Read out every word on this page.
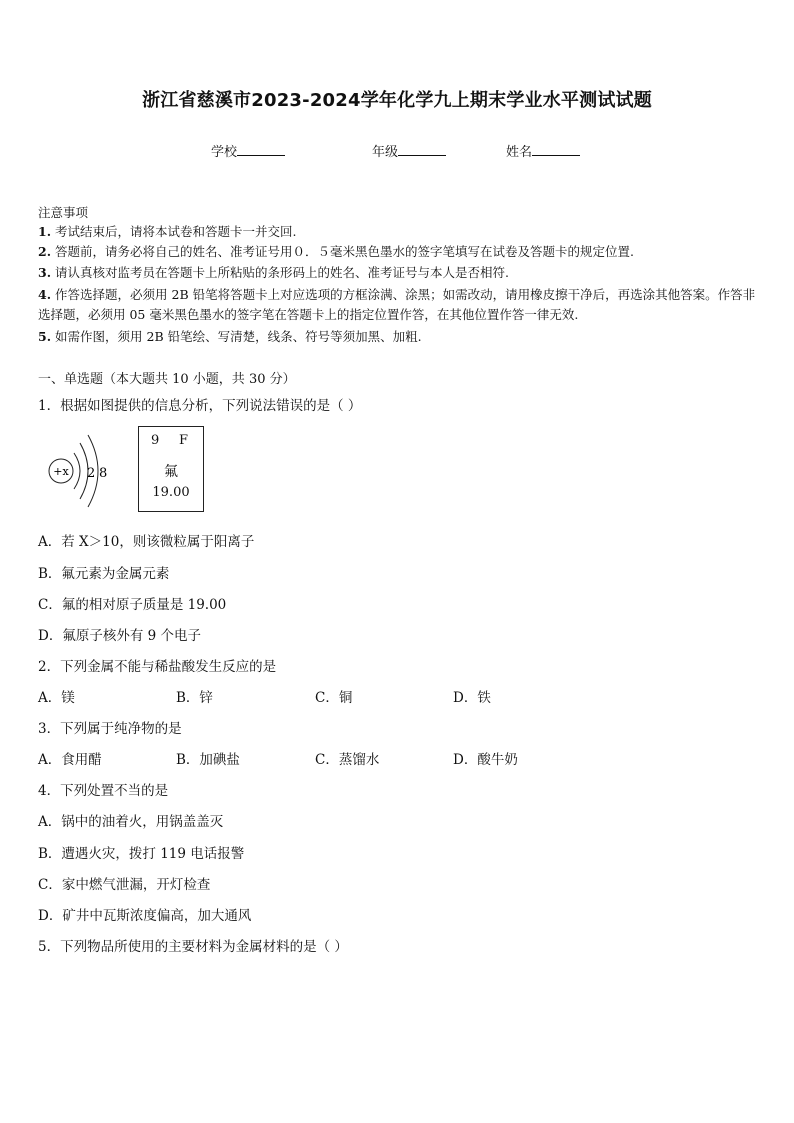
浙江省慈溪市2023-2024学年化学九上期末学业水平测试试题
学校	年级	姓名
注意事项
1. 考试结束后，请将本试卷和答题卡一并交回.
2. 答题前，请务必将自己的姓名、准考证号用０．５毫米黑色墨水的签字笔填写在试卷及答题卡的规定位置.
3. 请认真核对监考员在答题卡上所粘贴的条形码上的姓名、准考证号与本人是否相符.
4. 作答选择题，必须用 2B 铅笔将答题卡上对应选项的方框涂满、涂黑；如需改动，请用橡皮擦干净后，再选涂其他答案。作答非选择题，必须用 05 毫米黑色墨水的签字笔在答题卡上的指定位置作答，在其他位置作答一律无效.
5. 如需作图，须用 2B 铅笔绘、写清楚，线条、符号等须加黑、加粗.
一、单选题（本大题共 10 小题，共 30 分）
1．根据如图提供的信息分析，下列说法错误的是（ ）
+x 2 8
9 F
氟
19.00
A．若 X＞10，则该微粒属于阳离子
B．氟元素为金属元素
C．氟的相对原子质量是 19.00
D．氟原子核外有 9 个电子
2．下列金属不能与稀盐酸发生反应的是
A．镁	B．锌	C．铜	D．铁
3．下列属于纯净物的是
A．食用醋	B．加碘盐	C．蒸馏水	D．酸牛奶
4．下列处置不当的是
A．锅中的油着火，用锅盖盖灭
B．遭遇火灾，拨打 119 电话报警
C．家中燃气泄漏，开灯检查
D．矿井中瓦斯浓度偏高，加大通风
5．下列物品所使用的主要材料为金属材料的是（ ）
